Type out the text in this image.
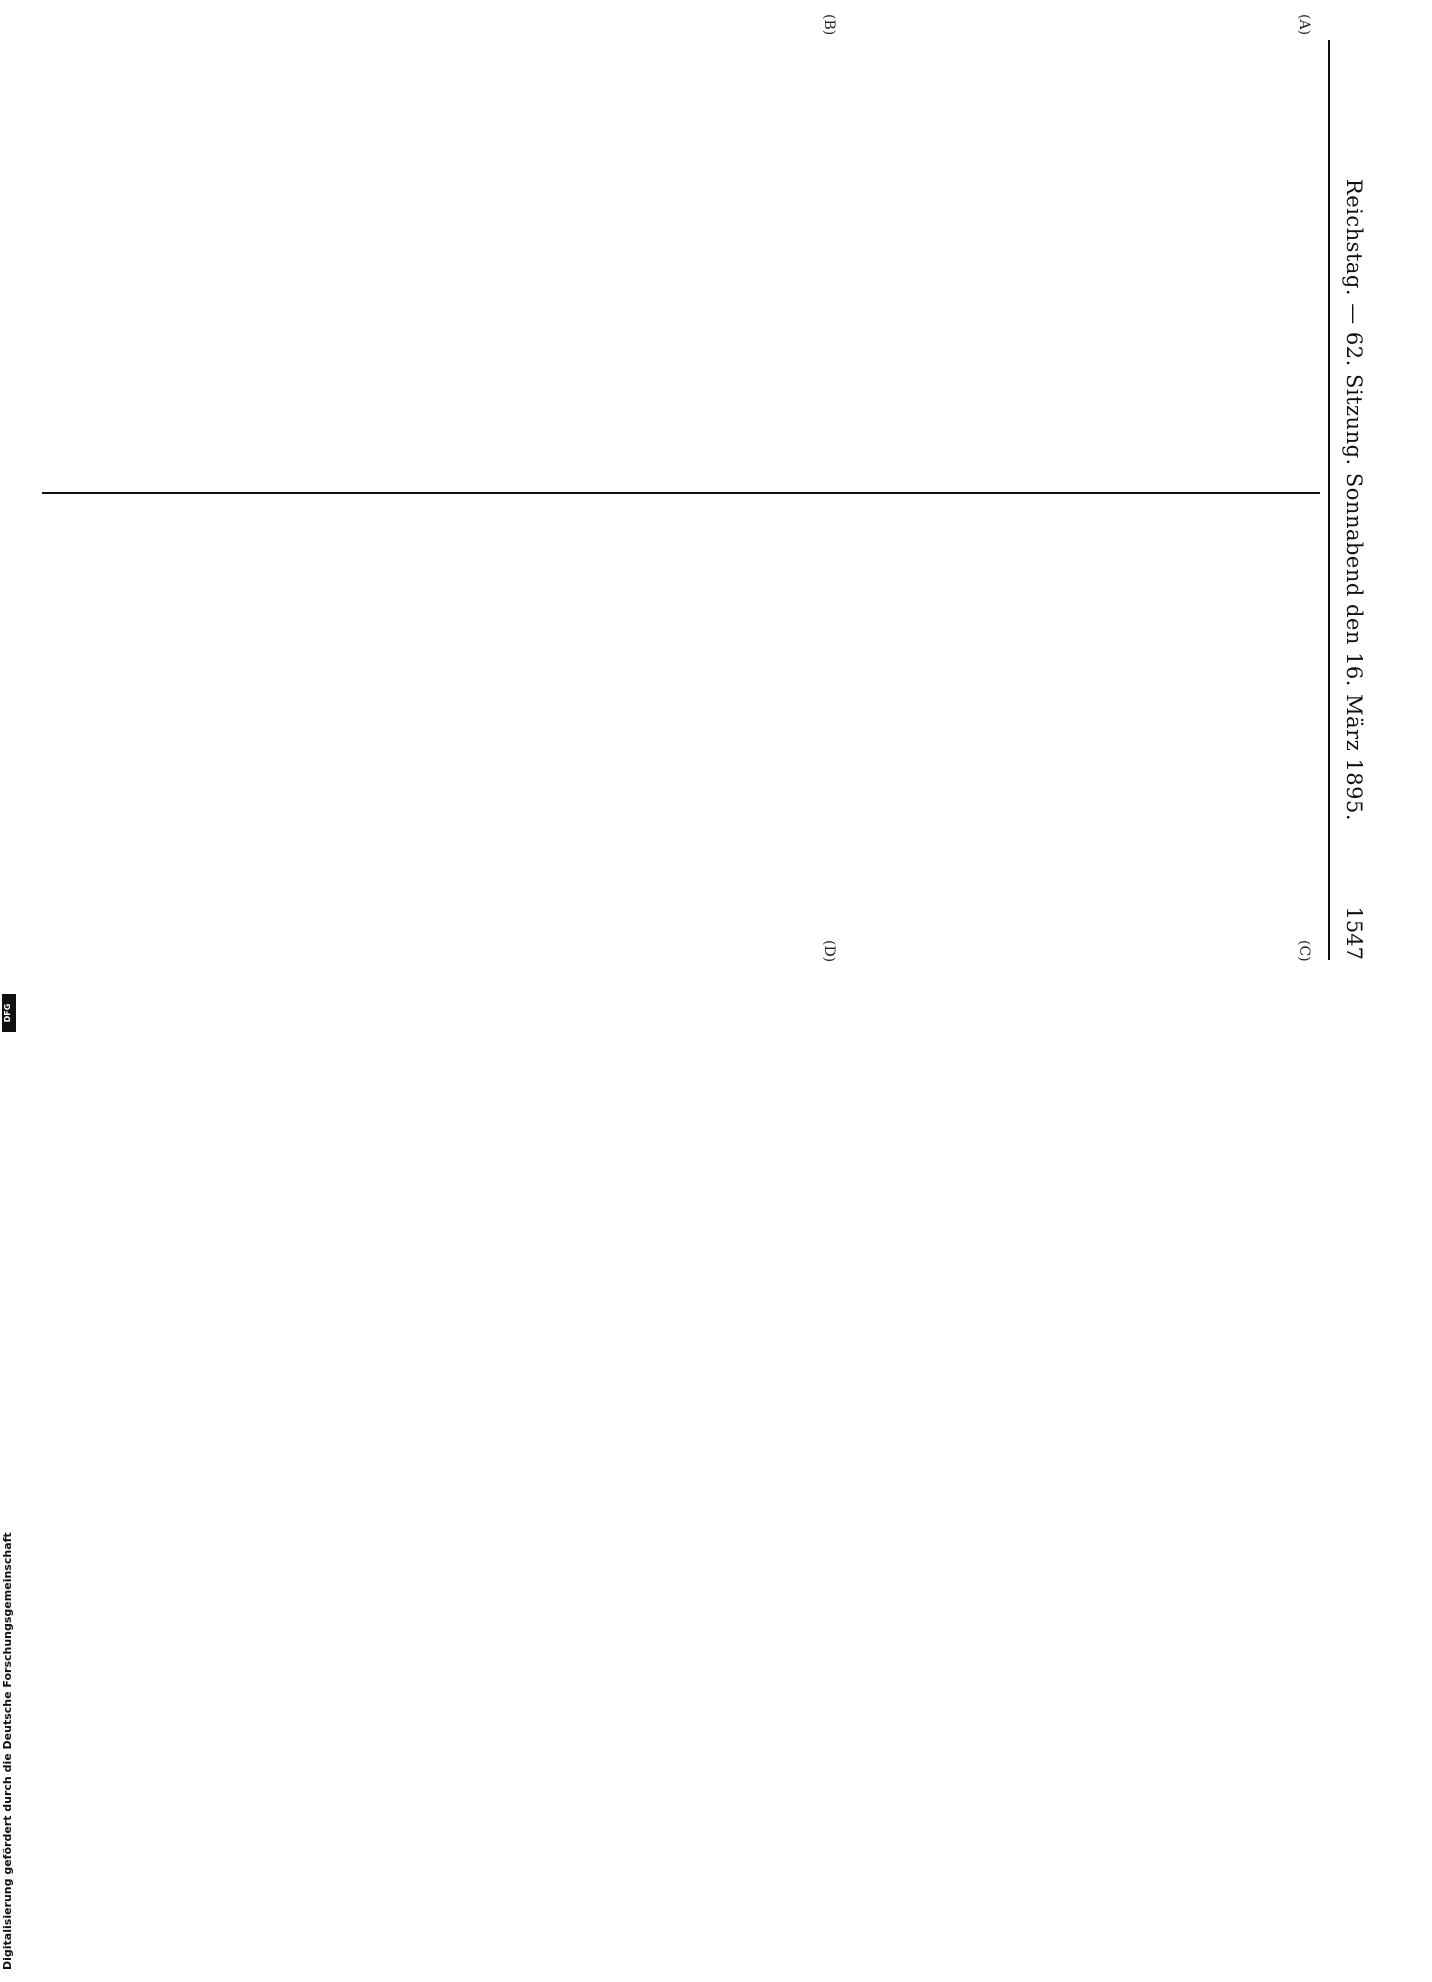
Reichstag. — 62. Sitzung. Sonnabend den 16. März 1895.
1547
(A)
(B)
(C)
(D)
Digitalisierung gefördert durch die Deutsche Forschungsgemeinschaft
DFG
